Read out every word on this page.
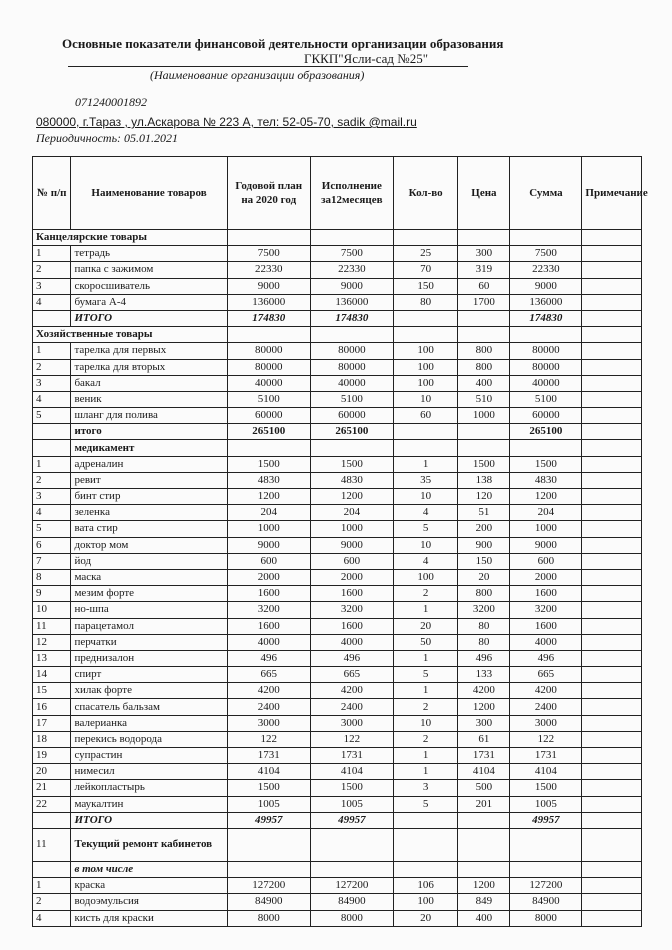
Основные показатели финансовой деятельности организации образования
ГККП"Ясли-сад №25"
(Наименование организации образования)
071240001892
080000, г.Тараз , ул.Аскарова № 223 А, тел: 52-05-70, sadik @mail.ru
Периодичность: 05.01.2021
№ п/п	Наименование товаров	Годовой план на 2020 год	Исполнение за12месяцев	Кол-во	Цена	Сумма	Примечание
Канцелярские товары							
1	тетрадь	7500	7500	25	300	7500	
2	папка с зажимом	22330	22330	70	319	22330	
3	скоросшиватель	9000	9000	150	60	9000	
4	бумага А-4	136000	136000	80	1700	136000	
	ИТОГО	174830	174830			174830	
Хозяйственные товары							
1	тарелка для первых	80000	80000	100	800	80000	
2	тарелка для вторых	80000	80000	100	800	80000	
3	бакал	40000	40000	100	400	40000	
4	веник	5100	5100	10	510	5100	
5	шланг для полива	60000	60000	60	1000	60000	
	итого	265100	265100			265100	
	медикамент						
1	адреналин	1500	1500	1	1500	1500	
2	ревит	4830	4830	35	138	4830	
3	бинт стир	1200	1200	10	120	1200	
4	зеленка	204	204	4	51	204	
5	вата стир	1000	1000	5	200	1000	
6	доктор мом	9000	9000	10	900	9000	
7	йод	600	600	4	150	600	
8	маска	2000	2000	100	20	2000	
9	мезим форте	1600	1600	2	800	1600	
10	но-шпа	3200	3200	1	3200	3200	
11	парацетамол	1600	1600	20	80	1600	
12	перчатки	4000	4000	50	80	4000	
13	преднизалон	496	496	1	496	496	
14	спирт	665	665	5	133	665	
15	хилак форте	4200	4200	1	4200	4200	
16	спасатель бальзам	2400	2400	2	1200	2400	
17	валерианка	3000	3000	10	300	3000	
18	перекись водорода	122	122	2	61	122	
19	супрастин	1731	1731	1	1731	1731	
20	нимесил	4104	4104	1	4104	4104	
21	лейкопластырь	1500	1500	3	500	1500	
22	маукалтин	1005	1005	5	201	1005	
	ИТОГО	49957	49957			49957	
11	Текущий ремонт кабинетов						
	в том числе						
1	краска	127200	127200	106	1200	127200	
2	водоэмульсия	84900	84900	100	849	84900	
4	кисть для краски	8000	8000	20	400	8000	
